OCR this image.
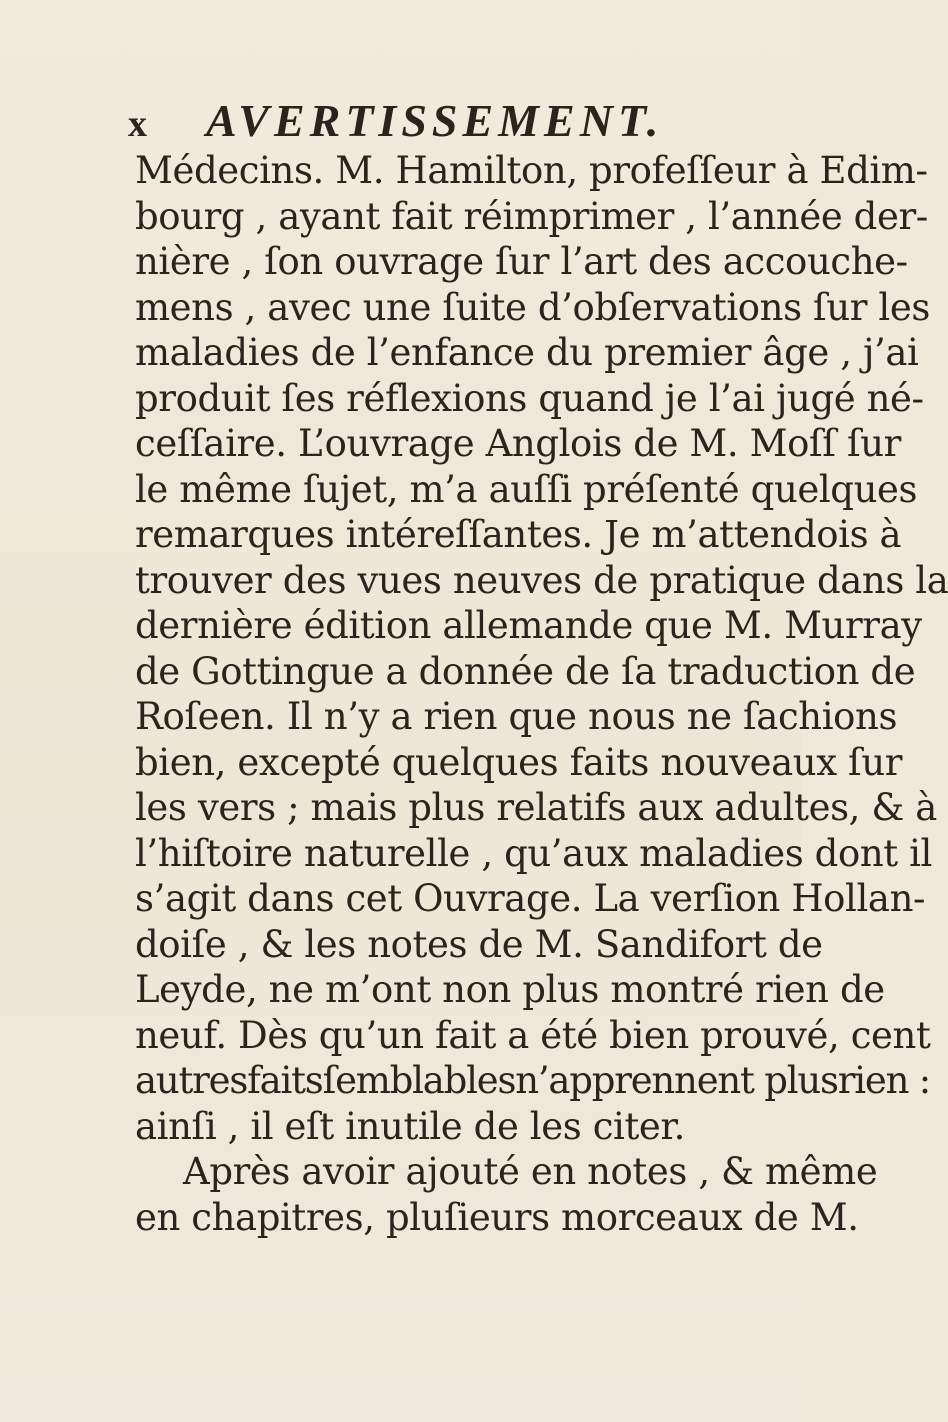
x AVERTISSEMENT.
Médecins. M. Hamilton, profeſſeur à Edim-
bourg , ayant fait réimprimer , l’année der-
nière , ſon ouvrage ſur l’art des accouche-
mens , avec une ſuite d’obſervations ſur les
maladies de l’enfance du premier âge , j’ai
produit ſes réflexions quand je l’ai jugé né-
ceſſaire. L’ouvrage Anglois de M. Moſſ ſur
le même ſujet, m’a auſſi préſenté quelques
remarques intéreſſantes. Je m’attendois à
trouver des vues neuves de pratique dans la
dernière édition allemande que M. Murray
de Gottingue a donnée de ſa traduction de
Roſeen. Il n’y a rien que nous ne ſachions
bien, excepté quelques faits nouveaux ſur
les vers ; mais plus relatifs aux adultes, & à
l’hiſtoire naturelle , qu’aux maladies dont il
s’agit dans cet Ouvrage. La verſion Hollan-
doiſe , & les notes de M. Sandifort de
Leyde, ne m’ont non plus montré rien de
neuf. Dès qu’un fait a été bien prouvé, cent
autresfaitsſemblablesn’apprennent plusrien :
ainſi , il eſt inutile de les citer.
Après avoir ajouté en notes , & même
en chapitres, pluſieurs morceaux de M.
